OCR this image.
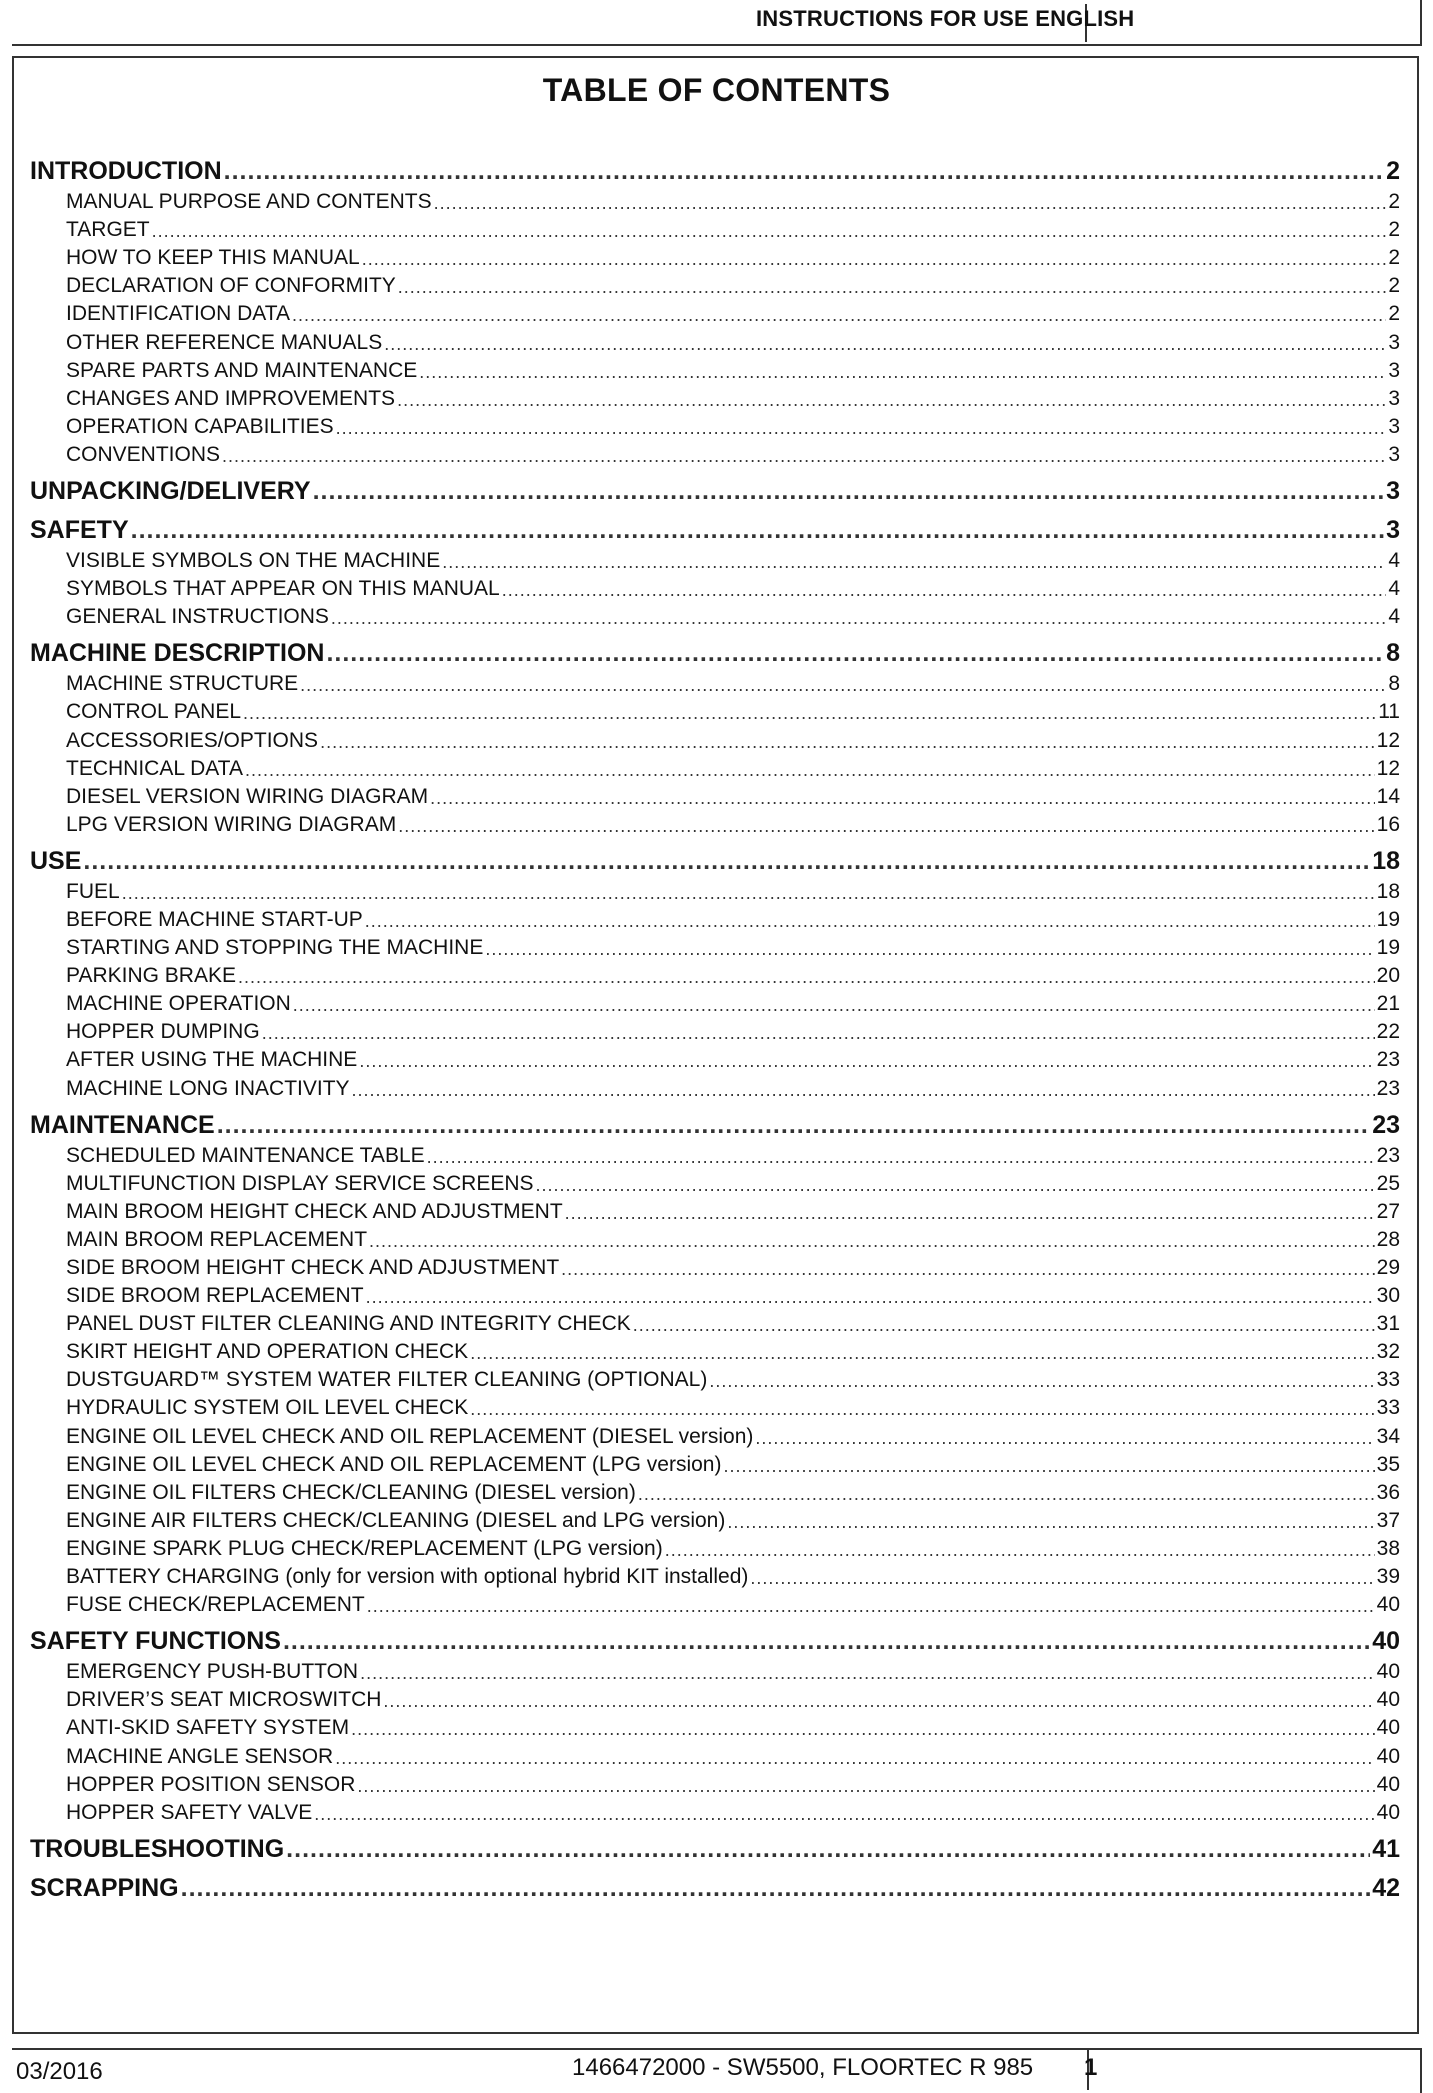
INSTRUCTIONS FOR USE ENGLISH
TABLE OF CONTENTS
INTRODUCTION .....	2
MANUAL PURPOSE AND CONTENTS .....	2
TARGET .....	2
HOW TO KEEP THIS MANUAL .....	2
DECLARATION OF CONFORMITY .....	2
IDENTIFICATION DATA .....	2
OTHER REFERENCE MANUALS .....	3
SPARE PARTS AND MAINTENANCE .....	3
CHANGES AND IMPROVEMENTS .....	3
OPERATION CAPABILITIES .....	3
CONVENTIONS .....	3
UNPACKING/DELIVERY .....	3
SAFETY .....	3
VISIBLE SYMBOLS ON THE MACHINE .....	4
SYMBOLS THAT APPEAR ON THIS MANUAL .....	4
GENERAL INSTRUCTIONS .....	4
MACHINE DESCRIPTION .....	8
MACHINE STRUCTURE .....	8
CONTROL PANEL .....	11
ACCESSORIES/OPTIONS .....	12
TECHNICAL DATA .....	12
DIESEL VERSION WIRING DIAGRAM .....	14
LPG VERSION WIRING DIAGRAM .....	16
USE .....	18
FUEL .....	18
BEFORE MACHINE START-UP .....	19
STARTING AND STOPPING THE MACHINE .....	19
PARKING BRAKE .....	20
MACHINE OPERATION .....	21
HOPPER DUMPING .....	22
AFTER USING THE MACHINE .....	23
MACHINE LONG INACTIVITY .....	23
MAINTENANCE .....	23
SCHEDULED MAINTENANCE TABLE .....	23
MULTIFUNCTION DISPLAY SERVICE SCREENS .....	25
MAIN BROOM HEIGHT CHECK AND ADJUSTMENT .....	27
MAIN BROOM REPLACEMENT .....	28
SIDE BROOM HEIGHT CHECK AND ADJUSTMENT .....	29
SIDE BROOM REPLACEMENT .....	30
PANEL DUST FILTER CLEANING AND INTEGRITY CHECK .....	31
SKIRT HEIGHT AND OPERATION CHECK .....	32
DUSTGUARD™ SYSTEM WATER FILTER CLEANING (OPTIONAL) .....	33
HYDRAULIC SYSTEM OIL LEVEL CHECK .....	33
ENGINE OIL LEVEL CHECK AND OIL REPLACEMENT (DIESEL version) .....	34
ENGINE OIL LEVEL CHECK AND OIL REPLACEMENT (LPG version) .....	35
ENGINE OIL FILTERS CHECK/CLEANING (DIESEL version) .....	36
ENGINE AIR FILTERS CHECK/CLEANING (DIESEL and LPG version) .....	37
ENGINE SPARK PLUG CHECK/REPLACEMENT (LPG version) .....	38
BATTERY CHARGING (only for version with optional hybrid KIT installed) .....	39
FUSE CHECK/REPLACEMENT .....	40
SAFETY FUNCTIONS .....	40
EMERGENCY PUSH-BUTTON .....	40
DRIVER’S SEAT MICROSWITCH .....	40
ANTI-SKID SAFETY SYSTEM .....	40
MACHINE ANGLE SENSOR .....	40
HOPPER POSITION SENSOR .....	40
HOPPER SAFETY VALVE .....	40
TROUBLESHOOTING .....	41
SCRAPPING .....	42
03/2016	1466472000 - SW5500, FLOORTEC R 985 1
